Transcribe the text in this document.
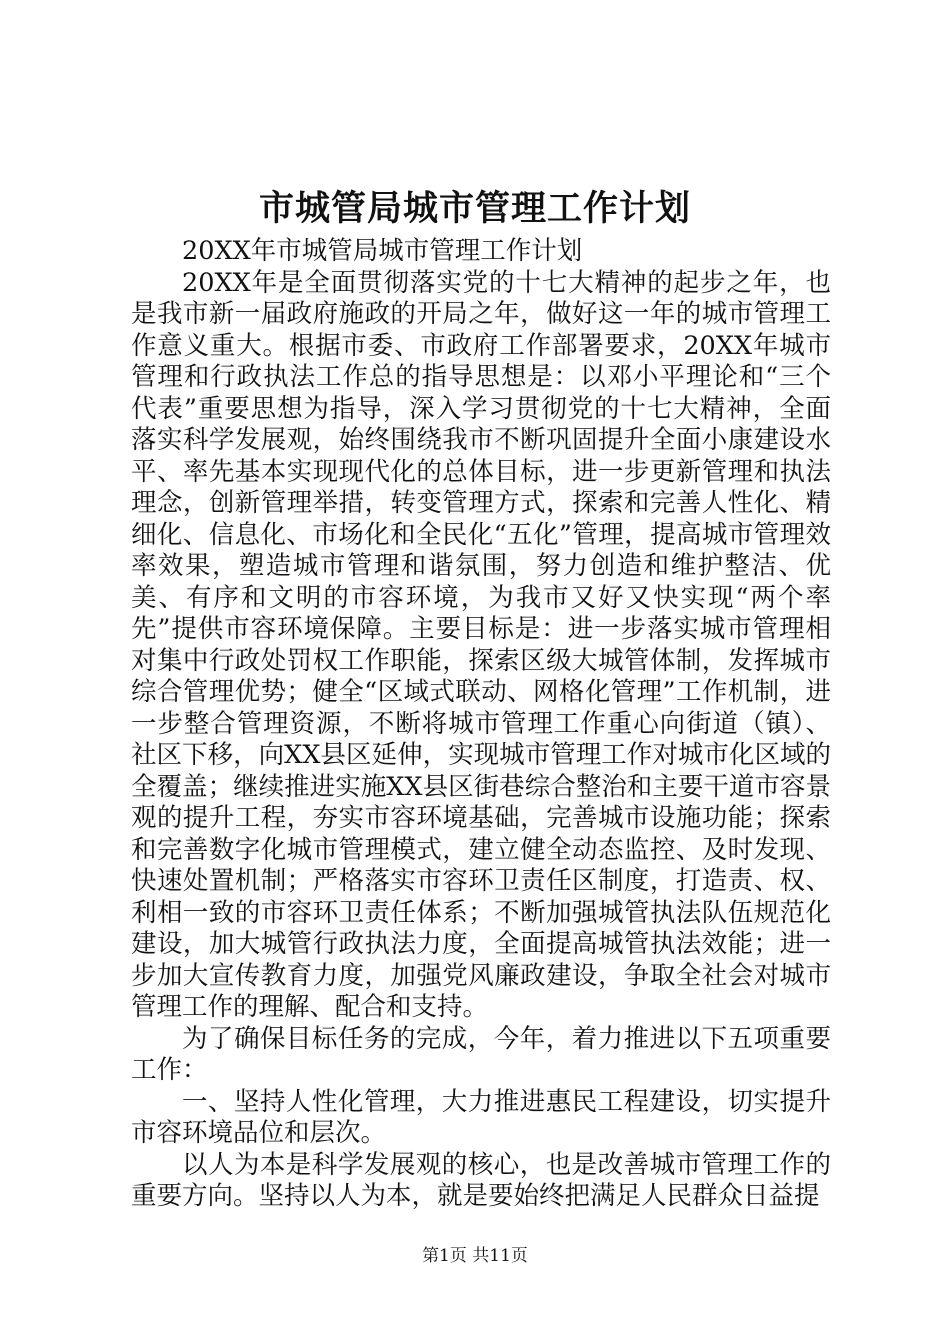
市城管局城市管理工作计划

20XX年市城管局城市管理工作计划

20XX年是全面贯彻落实党的十七大精神的起步之年，也是我市新一届政府施政的开局之年，做好这一年的城市管理工作意义重大。根据市委、市政府工作部署要求，20XX年城市管理和行政执法工作总的指导思想是：以邓小平理论和“三个代表”重要思想为指导，深入学习贯彻党的十七大精神，全面落实科学发展观，始终围绕我市不断巩固提升全面小康建设水平、率先基本实现现代化的总体目标，进一步更新管理和执法理念，创新管理举措，转变管理方式，探索和完善人性化、精细化、信息化、市场化和全民化“五化”管理，提高城市管理效率效果，塑造城市管理和谐氛围，努力创造和维护整洁、优美、有序和文明的市容环境，为我市又好又快实现“两个率先”提供市容环境保障。主要目标是：进一步落实城市管理相对集中行政处罚权工作职能，探索区级大城管体制，发挥城市综合管理优势；健全“区域式联动、网格化管理”工作机制，进一步整合管理资源，不断将城市管理工作重心向街道（镇）、社区下移，向XX县区延伸，实现城市管理工作对城市化区域的全覆盖；继续推进实施XX县区街巷综合整治和主要干道市容景观的提升工程，夯实市容环境基础，完善城市设施功能；探索和完善数字化城市管理模式，建立健全动态监控、及时发现、快速处置机制；严格落实市容环卫责任区制度，打造责、权、利相一致的市容环卫责任体系；不断加强城管执法队伍规范化建设，加大城管行政执法力度，全面提高城管执法效能；进一步加大宣传教育力度，加强党风廉政建设，争取全社会对城市管理工作的理解、配合和支持。

为了确保目标任务的完成，今年，着力推进以下五项重要工作：

一、坚持人性化管理，大力推进惠民工程建设，切实提升市容环境品位和层次。

以人为本是科学发展观的核心，也是改善城市管理工作的重要方向。坚持以人为本，就是要始终把满足人民群众日益提

第1页 共11页
